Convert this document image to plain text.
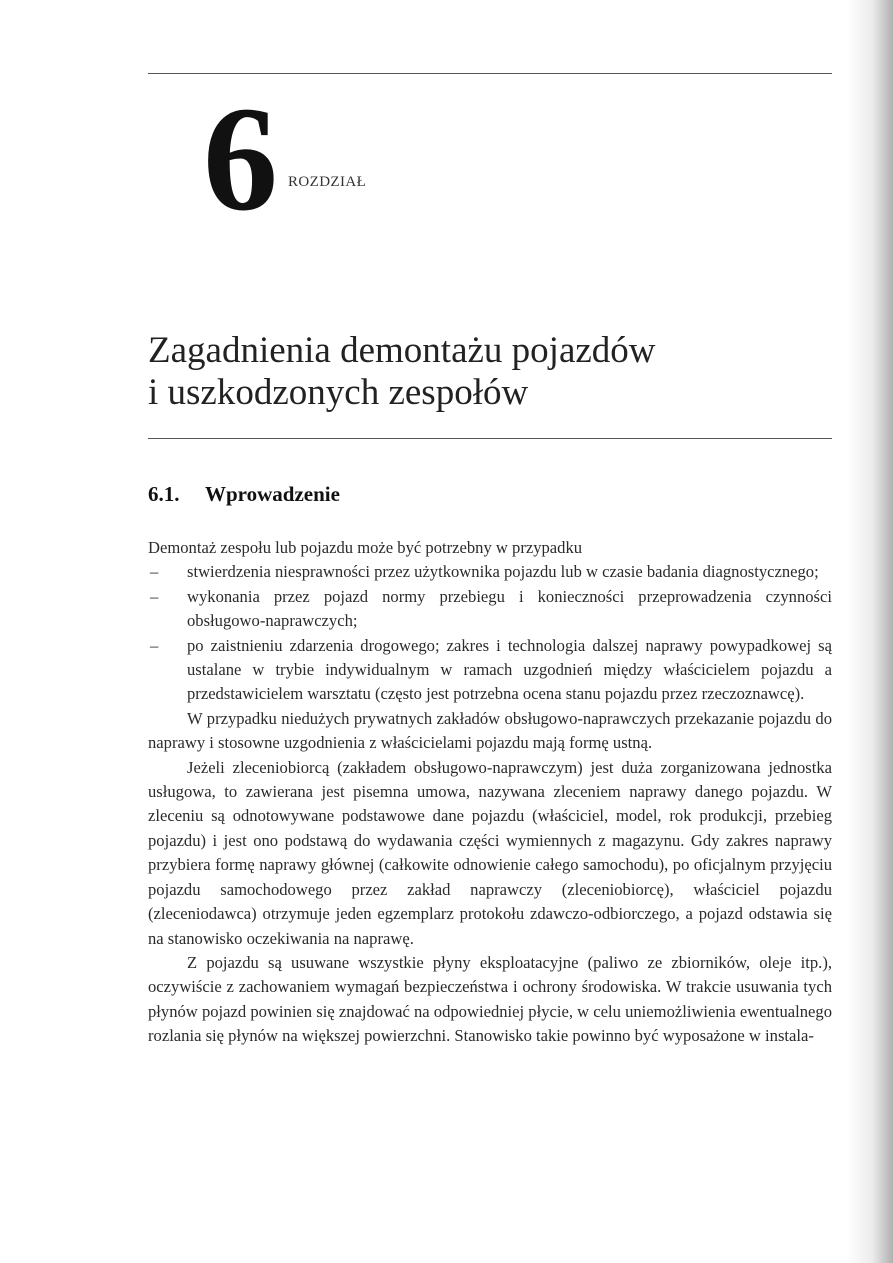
6 ROZDZIAŁ
Zagadnienia demontażu pojazdów
i uszkodzonych zespołów
6.1. Wprowadzenie

Demontaż zespołu lub pojazdu może być potrzebny w przypadku

– stwierdzenia niesprawności przez użytkownika pojazdu lub w czasie badania diagnostycznego;
– wykonania przez pojazd normy przebiegu i konieczności przeprowadzenia czynności obsługowo-naprawczych;
– po zaistnieniu zdarzenia drogowego; zakres i technologia dalszej naprawy powypadkowej są ustalane w trybie indywidualnym w ramach uzgodnień między właścicielem pojazdu a przedstawicielem warsztatu (często jest potrzebna ocena stanu pojazdu przez rzeczoznawcę).

W przypadku niedużych prywatnych zakładów obsługowo-naprawczych przekazanie pojazdu do naprawy i stosowne uzgodnienia z właścicielami pojazdu mają formę ustną.

Jeżeli zleceniobiorcą (zakładem obsługowo-naprawczym) jest duża zorganizowana jednostka usługowa, to zawierana jest pisemna umowa, nazywana zleceniem naprawy danego pojazdu. W zleceniu są odnotowywane podstawowe dane pojazdu (właściciel, model, rok produkcji, przebieg pojazdu) i jest ono podstawą do wydawania części wymiennych z magazynu. Gdy zakres naprawy przybiera formę naprawy głównej (całkowite odnowienie całego samochodu), po oficjalnym przyjęciu pojazdu samochodowego przez zakład naprawczy (zleceniobiorcę), właściciel pojazdu (zleceniodawca) otrzymuje jeden egzemplarz protokołu zdawczo-odbiorczego, a pojazd odstawia się na stanowisko oczekiwania na naprawę.

Z pojazdu są usuwane wszystkie płyny eksploatacyjne (paliwo ze zbiorników, oleje itp.), oczywiście z zachowaniem wymagań bezpieczeństwa i ochrony środowiska. W trakcie usuwania tych płynów pojazd powinien się znajdować na odpowiedniej płycie, w celu uniemożliwienia ewentualnego rozlania się płynów na większej powierzchni. Stanowisko takie powinno być wyposażone w instala-
